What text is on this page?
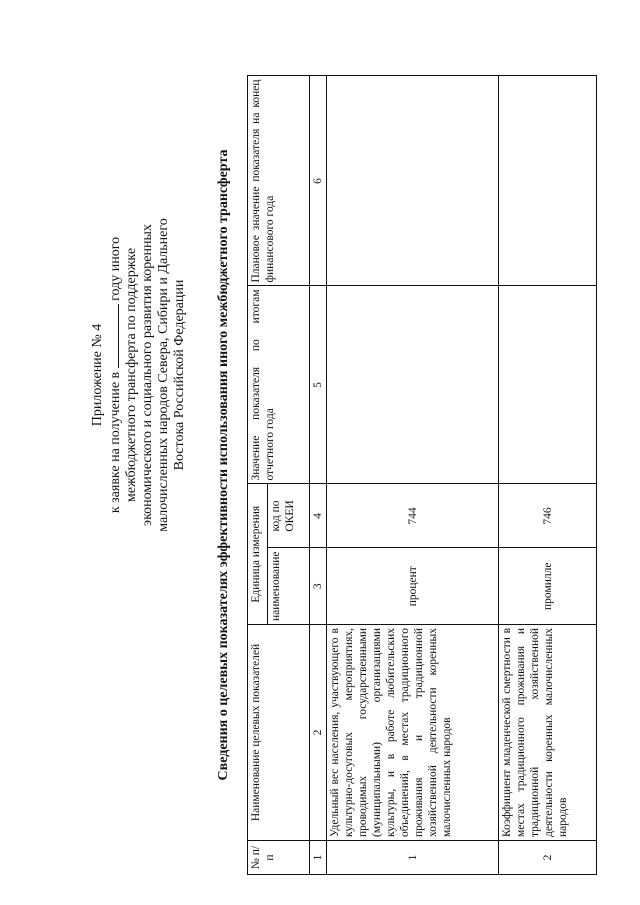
Приложение № 4 к заявке на получение в  году иного межбюджетного трансферта по поддержке экономического и социального развития коренных малочисленных народов Севера, Сибири и Дальнего Востока Российской Федерации Сведения о целевых показателях эффективности использования иного межбюджетного трансферта
№ п/п	Наименование целевых показателей	Единица измерения		Значение показателя по итогам отчетного года	Плановое значение показателя на конец финансового года
		наименование	код по ОКЕИ		
1	2	3	4	5	6
1	Удельный вес населения, участвующего в культурно-досуговых мероприятиях, проводимых государственными (муниципальными) организациями культуры, и в работе любительских объединений, в местах традиционного проживания и традиционной хозяйственной деятельности коренных малочисленных народов	процент	744		
2	Коэффициент младенческой смертности в местах традиционного проживания и традиционной хозяйственной деятельности коренных малочисленных народов	промилле	746		
